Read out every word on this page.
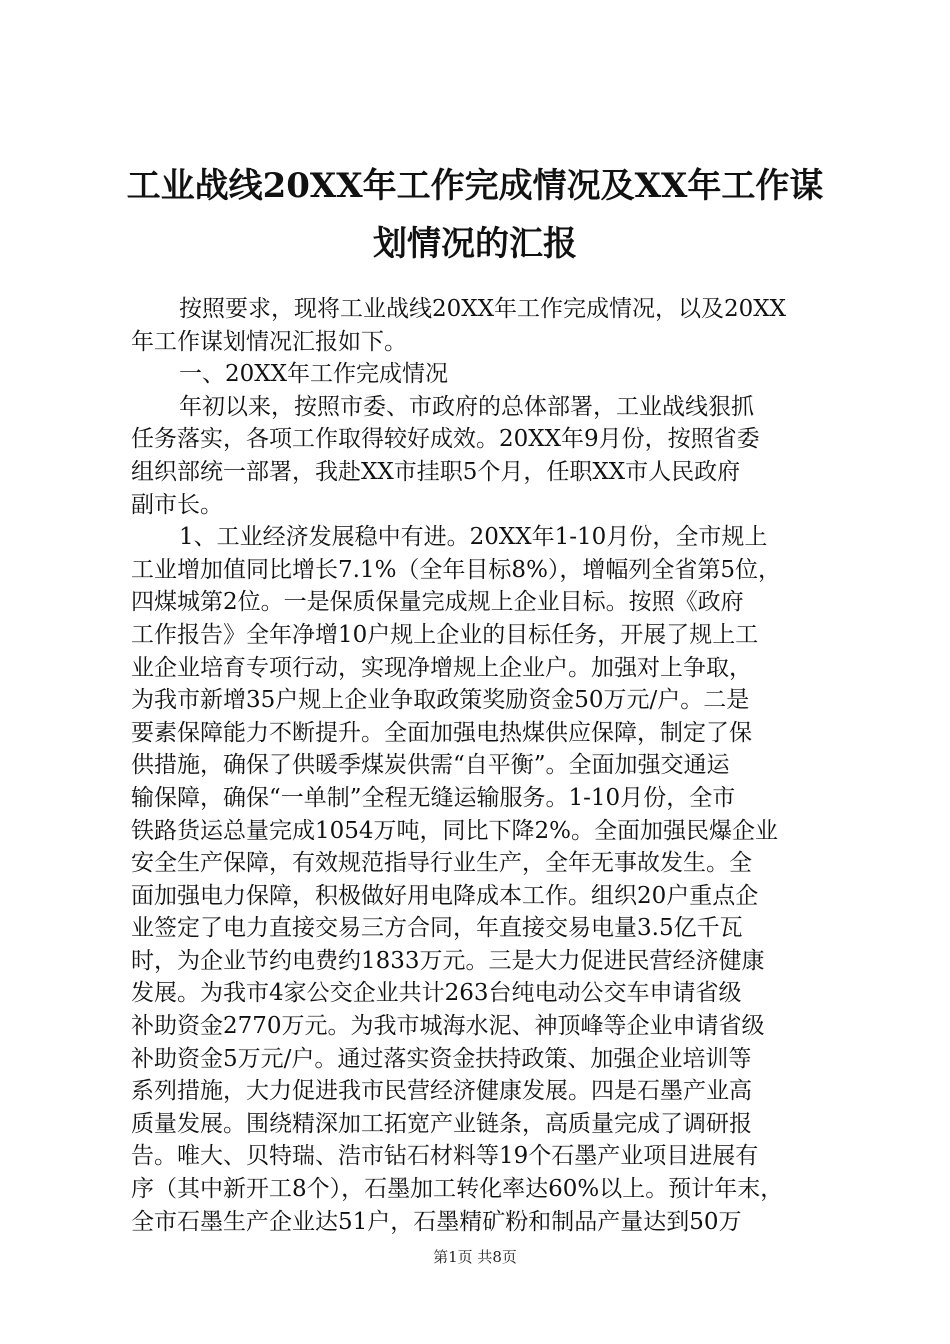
工业战线20XX年工作完成情况及XX年工作谋
划情况的汇报
按照要求，现将工业战线20XX年工作完成情况，以及20XX
年工作谋划情况汇报如下。
一、20XX年工作完成情况
年初以来，按照市委、市政府的总体部署，工业战线狠抓
任务落实，各项工作取得较好成效。20XX年9月份，按照省委
组织部统一部署，我赴XX市挂职5个月，任职XX市人民政府
副市长。
1、工业经济发展稳中有进。20XX年1-10月份，全市规上
工业增加值同比增长7.1%（全年目标8%），增幅列全省第5位，
四煤城第2位。一是保质保量完成规上企业目标。按照《政府
工作报告》全年净增10户规上企业的目标任务，开展了规上工
业企业培育专项行动，实现净增规上企业户。加强对上争取，
为我市新增35户规上企业争取政策奖励资金50万元/户。二是
要素保障能力不断提升。全面加强电热煤供应保障，制定了保
供措施，确保了供暖季煤炭供需“自平衡”。全面加强交通运
输保障，确保“一单制”全程无缝运输服务。1-10月份，全市
铁路货运总量完成1054万吨，同比下降2%。全面加强民爆企业
安全生产保障，有效规范指导行业生产，全年无事故发生。全
面加强电力保障，积极做好用电降成本工作。组织20户重点企
业签定了电力直接交易三方合同，年直接交易电量3.5亿千瓦
时，为企业节约电费约1833万元。三是大力促进民营经济健康
发展。为我市4家公交企业共计263台纯电动公交车申请省级
补助资金2770万元。为我市城海水泥、神顶峰等企业申请省级
补助资金5万元/户。通过落实资金扶持政策、加强企业培训等
系列措施，大力促进我市民营经济健康发展。四是石墨产业高
质量发展。围绕精深加工拓宽产业链条，高质量完成了调研报
告。唯大、贝特瑞、浩市钻石材料等19个石墨产业项目进展有
序（其中新开工8个），石墨加工转化率达60%以上。预计年末，
全市石墨生产企业达51户，石墨精矿粉和制品产量达到50万
第1页 共8页
